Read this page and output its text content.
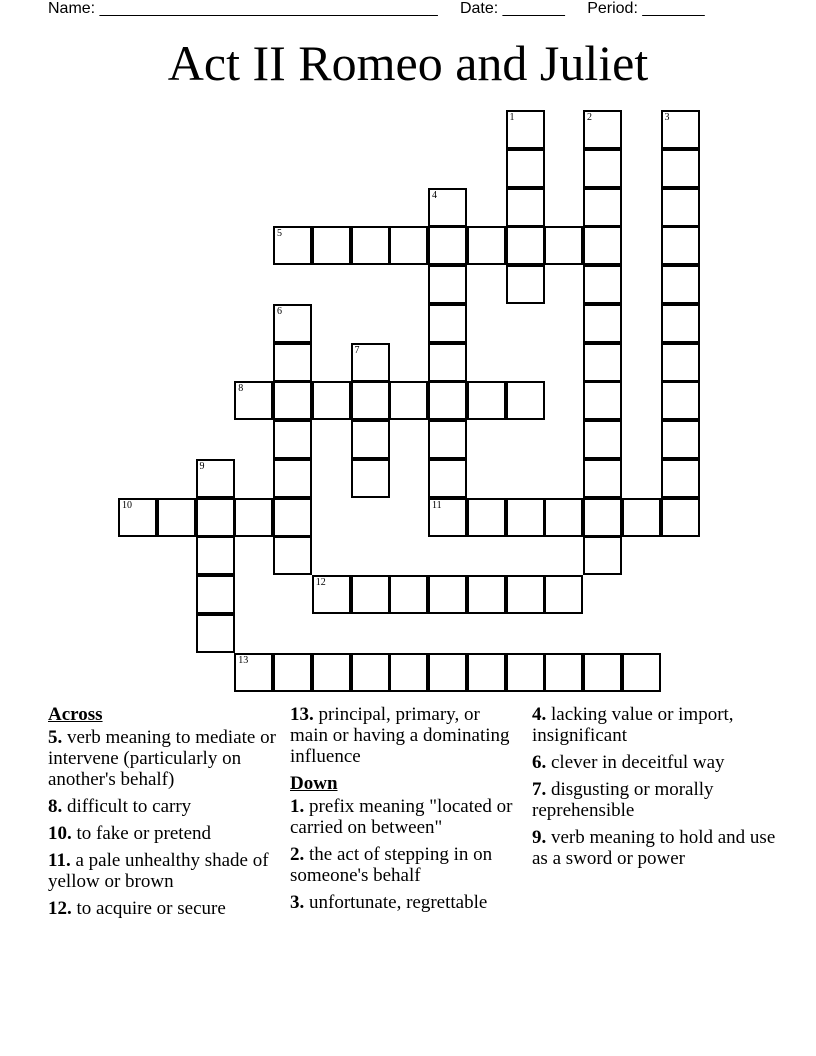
Name: ______________________________________ Date: _______ Period: _______
Act II Romeo and Juliet
1	2	3
4
5
6
7
8
9
10	11
12
13
Across
5. verb meaning to mediate or intervene (particularly on another's behalf)
8. difficult to carry
10. to fake or pretend
11. a pale unhealthy shade of yellow or brown
12. to acquire or secure
13. principal, primary, or main or having a dominating influence
Down
1. prefix meaning "located or carried on between"
2. the act of stepping in on someone's behalf
3. unfortunate, regrettable
4. lacking value or import, insignificant
6. clever in deceitful way
7. disgusting or morally reprehensible
9. verb meaning to hold and use as a sword or power
